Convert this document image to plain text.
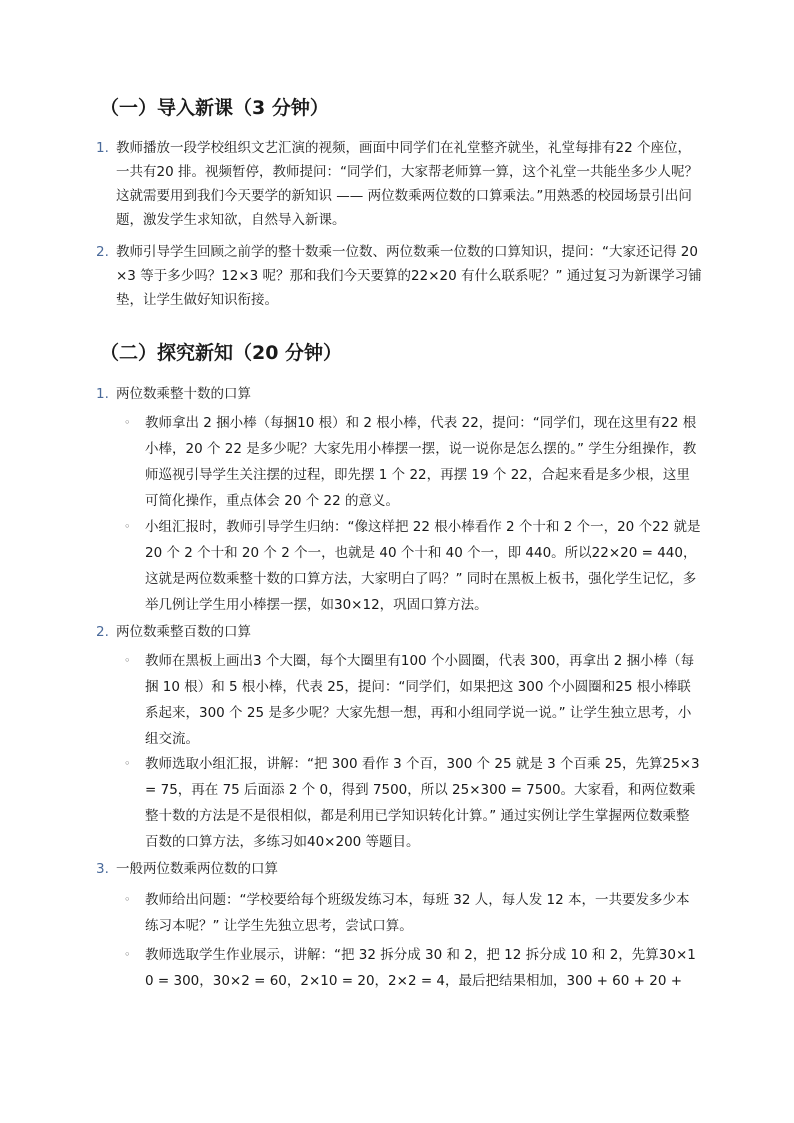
（一）导入新课（3 分钟）
1. 教师播放一段学校组织文艺汇演的视频，画面中同学们在礼堂整齐就坐，礼堂每排有22 个座位，一共有20 排。视频暂停，教师提问：“同学们，大家帮老师算一算，这个礼堂一共能坐多少人呢？这就需要用到我们今天要学的新知识 —— 两位数乘两位数的口算乘法。”用熟悉的校园场景引出问题，激发学生求知欲，自然导入新课。

2. 教师引导学生回顾之前学的整十数乘一位数、两位数乘一位数的口算知识，提问：“大家还记得 20×3 等于多少吗？12×3 呢？那和我们今天要算的22×20 有什么联系呢？” 通过复习为新课学习铺垫，让学生做好知识衔接。

（二）探究新知（20 分钟）
1. 两位数乘整十数的口算

◦	教师拿出 2 捆小棒（每捆10 根）和 2 根小棒，代表 22，提问：“同学们，现在这里有22 根小棒，20 个 22 是多少呢？大家先用小棒摆一摆，说一说你是怎么摆的。” 学生分组操作，教师巡视引导学生关注摆的过程，即先摆 1 个 22，再摆 19 个 22，合起来看是多少根，这里可简化操作，重点体会 20 个 22 的意义。

◦	小组汇报时，教师引导学生归纳：“像这样把 22 根小棒看作 2 个十和 2 个一，20 个22 就是 20 个 2 个十和 20 个 2 个一，也就是 40 个十和 40 个一，即 440。所以22×20 = 440，这就是两位数乘整十数的口算方法，大家明白了吗？” 同时在黑板上板书，强化学生记忆，多举几例让学生用小棒摆一摆，如30×12，巩固口算方法。

2. 两位数乘整百数的口算

◦	教师在黑板上画出3 个大圈，每个大圈里有100 个小圆圈，代表 300，再拿出 2 捆小棒（每捆 10 根）和 5 根小棒，代表 25，提问：“同学们，如果把这 300 个小圆圈和25 根小棒联系起来，300 个 25 是多少呢？大家先想一想，再和小组同学说一说。” 让学生独立思考，小组交流。

◦	教师选取小组汇报，讲解：“把 300 看作 3 个百，300 个 25 就是 3 个百乘 25，先算25×3 = 75，再在 75 后面添 2 个 0，得到 7500，所以 25×300 = 7500。大家看，和两位数乘整十数的方法是不是很相似，都是利用已学知识转化计算。” 通过实例让学生掌握两位数乘整百数的口算方法，多练习如40×200 等题目。

3. 一般两位数乘两位数的口算

◦	教师给出问题：“学校要给每个班级发练习本，每班 32 人，每人发 12 本，一共要发多少本练习本呢？” 让学生先独立思考，尝试口算。

◦	教师选取学生作业展示，讲解：“把 32 拆分成 30 和 2，把 12 拆分成 10 和 2，先算30×10 = 300，30×2 = 60，2×10 = 20，2×2 = 4，最后把结果相加，300 + 60 + 20 +
